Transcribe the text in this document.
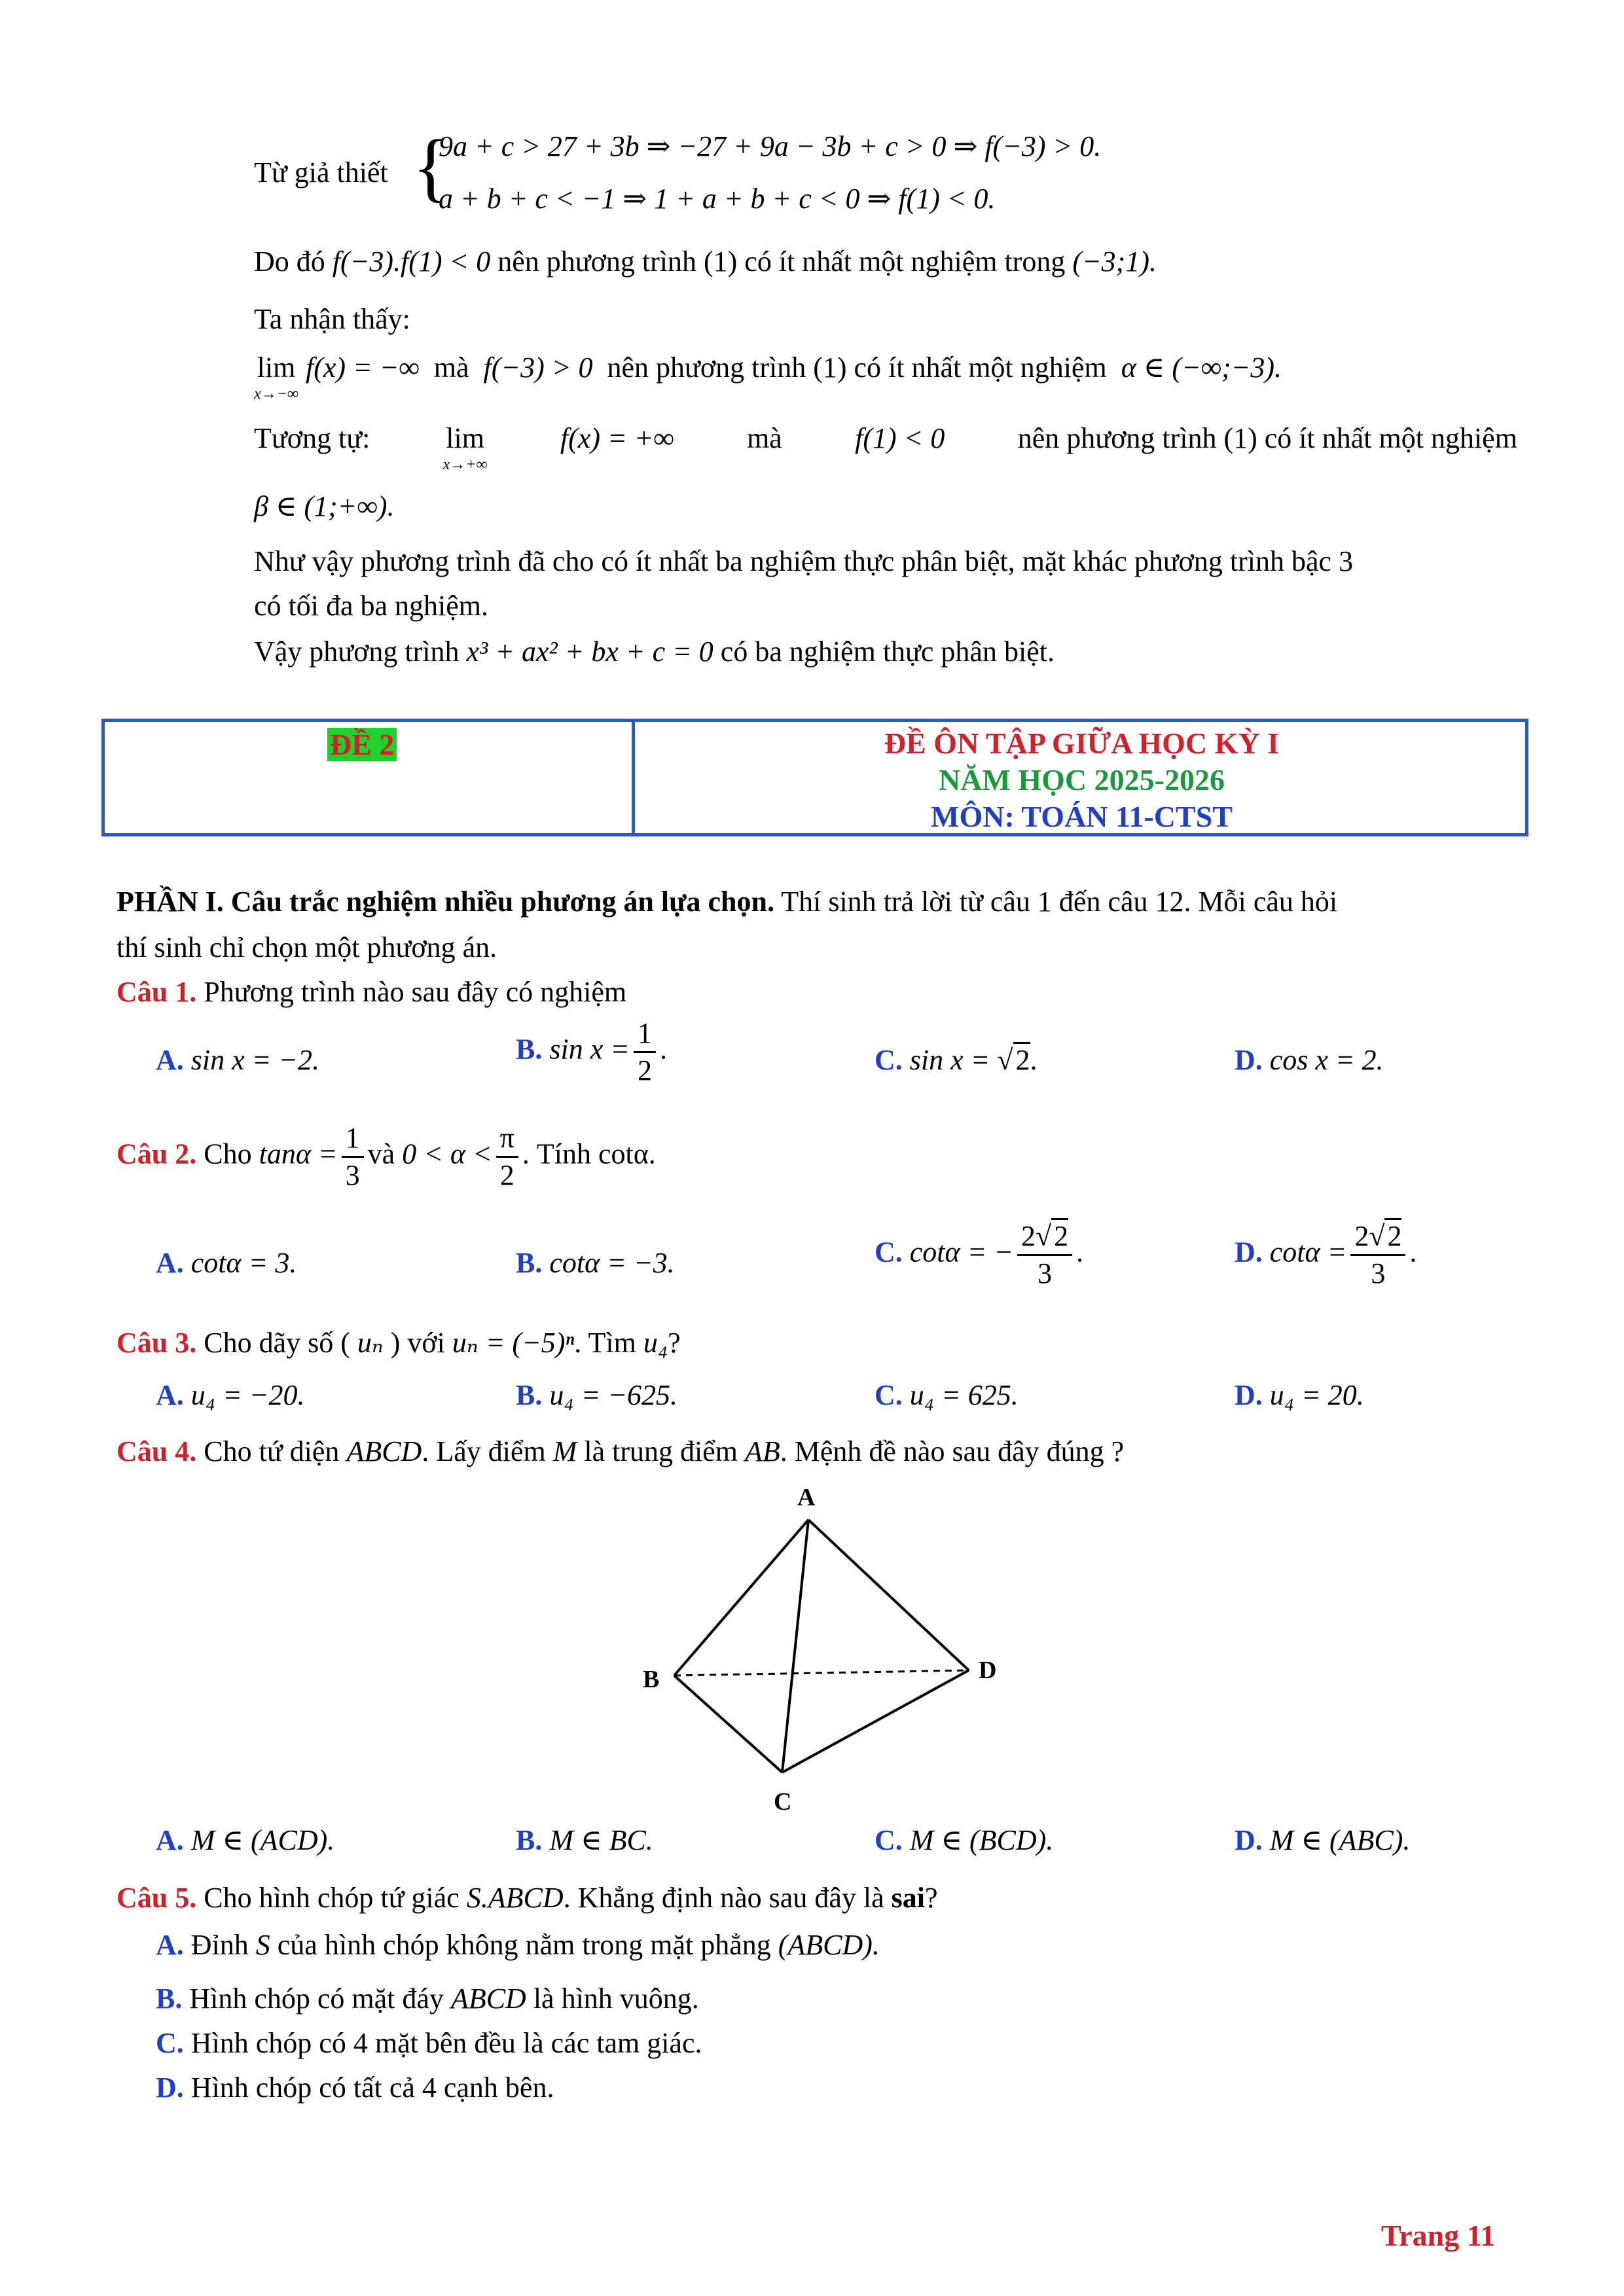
Từ giả thiết {
9a + c > 27 + 3b ⇒ −27 + 9a − 3b + c > 0 ⇒ f(−3) > 0.
a + b + c < −1 ⇒ 1 + a + b + c < 0 ⇒ f(1) < 0.
Do đó f(−3).f(1) < 0 nên phương trình (1) có ít nhất một nghiệm trong (−3;1).
Ta nhận thấy:
lim
x→−∞
f(x) = −∞ mà f(−3) > 0 nên phương trình (1) có ít nhất một nghiệm α ∈ (−∞;−3).
Tương tự:	lim
x→+∞
f(x) = +∞	mà	f(1) < 0	nên phương trình (1) có ít nhất một nghiệm
β ∈ (1;+∞).
Như vậy phương trình đã cho có ít nhất ba nghiệm thực phân biệt, mặt khác phương trình bậc 3
có tối đa ba nghiệm.
Vậy phương trình x³ + ax² + bx + c = 0 có ba nghiệm thực phân biệt.
ĐỀ 2	ĐỀ ÔN TẬP GIỮA HỌC KỲ I
NĂM HỌC 2025-2026
MÔN: TOÁN 11-CTST
PHẦN I. Câu trắc nghiệm nhiều phương án lựa chọn. Thí sinh trả lời từ câu 1 đến câu 12. Mỗi câu hỏi
thí sinh chỉ chọn một phương án.
Câu 1. Phương trình nào sau đây có nghiệm
A. sin x = −2.	B. $\sin x = \frac{1}{2}$ .	C. sin x = √2.	D. cos x = 2.
Câu 2. Cho $\tan\alpha = \frac{1}{3}$ và $0 < \alpha < \frac{\pi}{2}$ . Tính cotα.
A. cotα = 3.	B. cotα = −3.	C. cotα = − $\frac{2√2}{3}$ .	D. $\cot\alpha = \frac{2√2}{3}$ .
Câu 3. Cho dãy số ( uₙ ) với uₙ = (−5)ⁿ. Tìm u₄?
A. u₄ = −20.	B. u₄ = −625.	C. u₄ = 625.	D. u₄ = 20.
Câu 4. Cho tứ diện ABCD. Lấy điểm M là trung điểm AB. Mệnh đề nào sau đây đúng ?
A
B
C
D
A. M ∈ (ACD).	B. M ∈ BC.	C. M ∈ (BCD).	D. M ∈ (ABC).
Câu 5. Cho hình chóp tứ giác S.ABCD. Khẳng định nào sau đây là sai?
A. Đỉnh S của hình chóp không nằm trong mặt phẳng (ABCD).
B. Hình chóp có mặt đáy ABCD là hình vuông.
C. Hình chóp có 4 mặt bên đều là các tam giác.
D. Hình chóp có tất cả 4 cạnh bên.
Trang 11
